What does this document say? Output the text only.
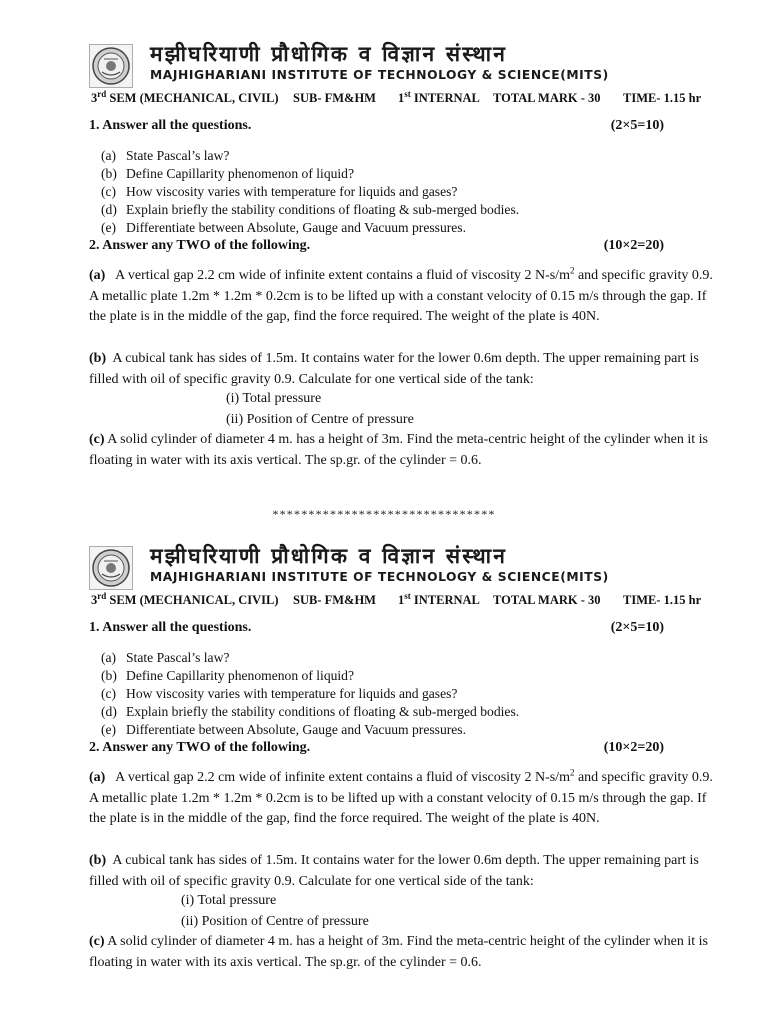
मझीघरियाणी प्रौधोगिक व विज्ञान संस्थान
MAJHIGHARIANI INSTITUTE OF TECHNOLOGY & SCIENCE(MITS)
3rd SEM (MECHANICAL, CIVIL) SUB- FM&HM 1st INTERNAL TOTAL MARK - 30 TIME- 1.15 hr
1. Answer all the questions.	(2×5=10)
(a) State Pascal’s law?
(b) Define Capillarity phenomenon of liquid?
(c) How viscosity varies with temperature for liquids and gases?
(d) Explain briefly the stability conditions of floating & sub-merged bodies.
(e) Differentiate between Absolute, Gauge and Vacuum pressures.
2. Answer any TWO of the following.	(10×2=20)
(a) A vertical gap 2.2 cm wide of infinite extent contains a fluid of viscosity 2 $N-s/m^2$ and specific gravity 0.9. A metallic plate 1.2m * 1.2m * 0.2cm is to be lifted up with a constant velocity of 0.15 m/s through the gap. If the plate is in the middle of the gap, find the force required. The weight of the plate is 40N.
(b) A cubical tank has sides of 1.5m. It contains water for the lower 0.6m depth. The upper remaining part is filled with oil of specific gravity 0.9. Calculate for one vertical side of the tank:
(i) Total pressure
(ii) Position of Centre of pressure
(c) A solid cylinder of diameter 4 m. has a height of 3m. Find the meta-centric height of the cylinder when it is floating in water with its axis vertical. The sp.gr. of the cylinder = 0.6.
*******************************
मझीघरियाणी प्रौधोगिक व विज्ञान संस्थान
MAJHIGHARIANI INSTITUTE OF TECHNOLOGY & SCIENCE(MITS)
3rd SEM (MECHANICAL, CIVIL) SUB- FM&HM 1st INTERNAL TOTAL MARK - 30 TIME- 1.15 hr
1. Answer all the questions.	(2×5=10)
(a) State Pascal’s law?
(b) Define Capillarity phenomenon of liquid?
(c) How viscosity varies with temperature for liquids and gases?
(d) Explain briefly the stability conditions of floating & sub-merged bodies.
(e) Differentiate between Absolute, Gauge and Vacuum pressures.
2. Answer any TWO of the following.	(10×2=20)
(a) A vertical gap 2.2 cm wide of infinite extent contains a fluid of viscosity 2 $N-s/m^2$ and specific gravity 0.9. A metallic plate 1.2m * 1.2m * 0.2cm is to be lifted up with a constant velocity of 0.15 m/s through the gap. If the plate is in the middle of the gap, find the force required. The weight of the plate is 40N.
(b) A cubical tank has sides of 1.5m. It contains water for the lower 0.6m depth. The upper remaining part is filled with oil of specific gravity 0.9. Calculate for one vertical side of the tank:
(i) Total pressure
(ii) Position of Centre of pressure
(c) A solid cylinder of diameter 4 m. has a height of 3m. Find the meta-centric height of the cylinder when it is floating in water with its axis vertical. The sp.gr. of the cylinder = 0.6.
